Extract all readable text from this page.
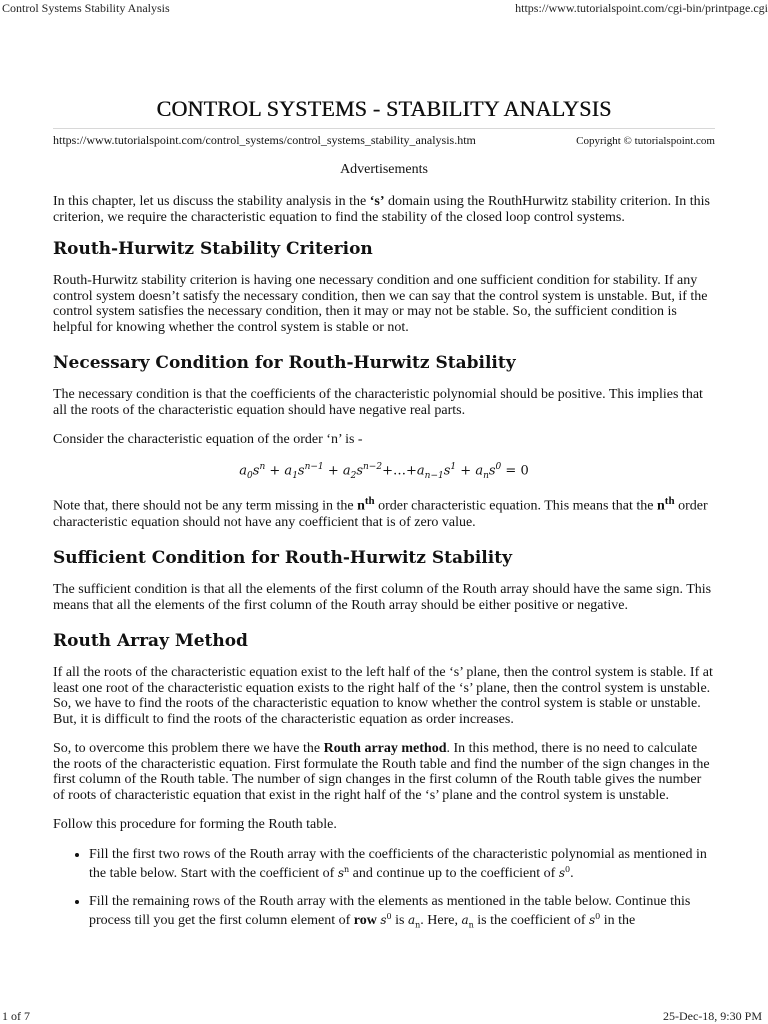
Control Systems Stability Analysis	https://www.tutorialspoint.com/cgi-bin/printpage.cgi
CONTROL SYSTEMS - STABILITY ANALYSIS
https://www.tutorialspoint.com/control_systems/control_systems_stability_analysis.htm	Copyright © tutorialspoint.com
Advertisements

In this chapter, let us discuss the stability analysis in the ‘s’ domain using the RouthHurwitz stability criterion. In this criterion, we require the characteristic equation to find the stability of the closed loop control systems.

Routh-Hurwitz Stability Criterion

Routh-Hurwitz stability criterion is having one necessary condition and one sufficient condition for stability. If any control system doesn’t satisfy the necessary condition, then we can say that the control system is unstable. But, if the control system satisfies the necessary condition, then it may or may not be stable. So, the sufficient condition is helpful for knowing whether the control system is stable or not.

Necessary Condition for Routh-Hurwitz Stability

The necessary condition is that the coefficients of the characteristic polynomial should be positive. This implies that all the roots of the characteristic equation should have negative real parts.

Consider the characteristic equation of the order ‘n’ is -

$a_0s^n + a_1s^{n-1}$ + $a_2s^{n-2}+\dots+a_{n-1}s^1 + a_ns^0 = 0$

Note that, there should not be any term missing in the $n^{th}$ order characteristic equation. This means that the $n^{th}$ order characteristic equation should not have any coefficient that is of zero value.

Sufficient Condition for Routh-Hurwitz Stability

The sufficient condition is that all the elements of the first column of the Routh array should have the same sign. This means that all the elements of the first column of the Routh array should be either positive or negative.

Routh Array Method

If all the roots of the characteristic equation exist to the left half of the ‘s’ plane, then the control system is stable. If at least one root of the characteristic equation exists to the right half of the ‘s’ plane, then the control system is unstable. So, we have to find the roots of the characteristic equation to know whether the control system is stable or unstable. But, it is difficult to find the roots of the characteristic equation as order increases.

So, to overcome this problem there we have the Routh array method. In this method, there is no need to calculate the roots of the characteristic equation. First formulate the Routh table and find the number of the sign changes in the first column of the Routh table. The number of sign changes in the first column of the Routh table gives the number of roots of characteristic equation that exist in the right half of the ‘s’ plane and the control system is unstable.

Follow this procedure for forming the Routh table.

• Fill the first two rows of the Routh array with the coefficients of the characteristic polynomial as mentioned in the table below. Start with the coefficient of $s^n$ and continue up to the coefficient of $s^0$.
• Fill the remaining rows of the Routh array with the elements as mentioned in the table below. Continue this process till you get the first column element of row $s^0$ is $a_n$. Here, $a_n$ is the coefficient of $s^0$ in the
1 of 7	25-Dec-18, 9:30 PM
